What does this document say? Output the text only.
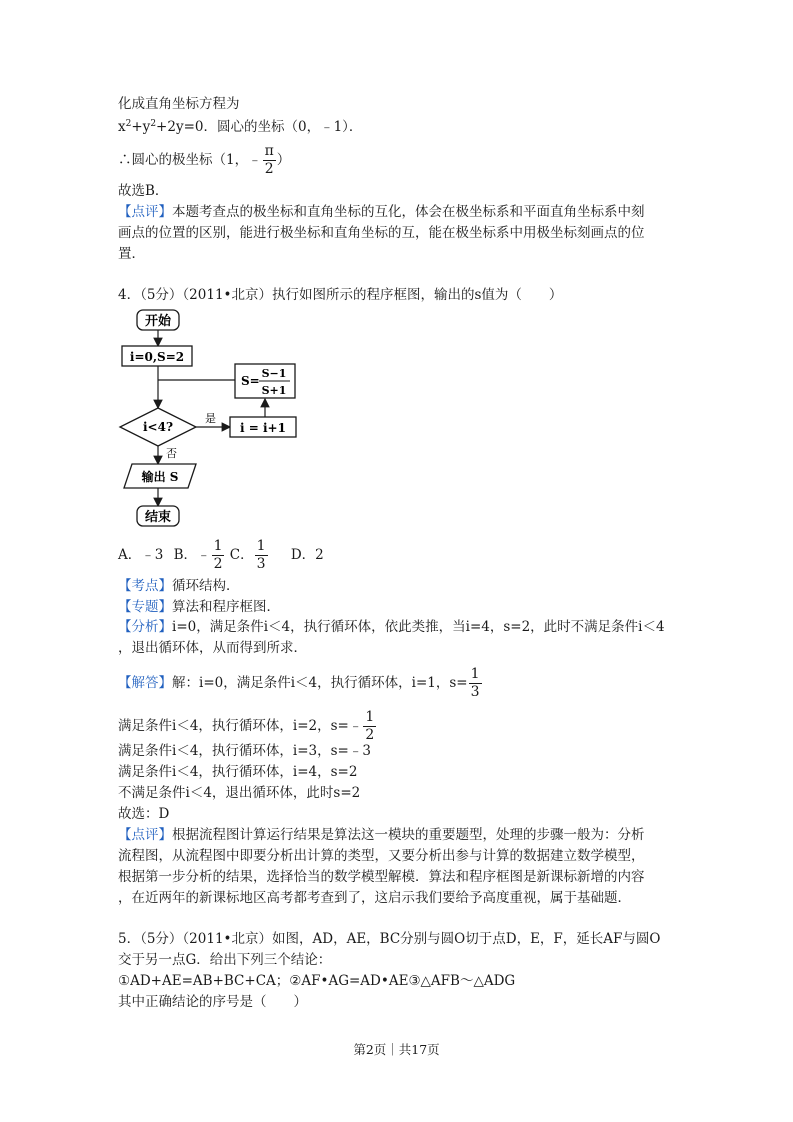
化成直角坐标方程为
$x^2+y^2+2y=0$．圆心的坐标（0，﹣1）．
∴圆心的极坐标（1，﹣ $\frac{\pi}{2}$ ）
故选B．
【点评】本题考查点的极坐标和直角坐标的互化，体会在极坐标系和平面直角坐标系中刻
画点的位置的区别，能进行极坐标和直角坐标的互，能在极坐标系中用极坐标刻画点的位
置．
4．（5分）（2011•北京）执行如图所示的程序框图，输出的s值为（　　）
开始
i=0,S=2
S=
S−1
S+1
i<4?
是
i = i+1
否
输出 S
结束
A．﹣3 B．﹣ $\frac{1}{2}$ C． $\frac{1}{3}$ D．2
【考点】循环结构．
【专题】算法和程序框图．
【分析】i=0，满足条件i＜4，执行循环体，依此类推，当i=4，s=2，此时不满足条件i＜4
，退出循环体，从而得到所求．
【解答】解：i=0，满足条件i＜4，执行循环体，i=1，$s= \frac{1}{3}$
满足条件i＜4，执行循环体，i=2，s=﹣ $\frac{1}{2}$
满足条件i＜4，执行循环体，i=3，s=﹣3
满足条件i＜4，执行循环体，i=4，s=2
不满足条件i＜4，退出循环体，此时s=2
故选：D
【点评】根据流程图计算运行结果是算法这一模块的重要题型，处理的步骤一般为：分析
流程图，从流程图中即要分析出计算的类型，又要分析出参与计算的数据建立数学模型，
根据第一步分析的结果，选择恰当的数学模型解模．算法和程序框图是新课标新增的内容
，在近两年的新课标地区高考都考查到了，这启示我们要给予高度重视，属于基础题．
5．（5分）（2011•北京）如图，AD，AE，BC分别与圆O切于点D，E，F，延长AF与圆O
交于另一点G．给出下列三个结论：
①AD+AE=AB+BC+CA；②AF•AG=AD•AE③△AFB～△ADG
其中正确结论的序号是（　　）
第2页｜共17页
